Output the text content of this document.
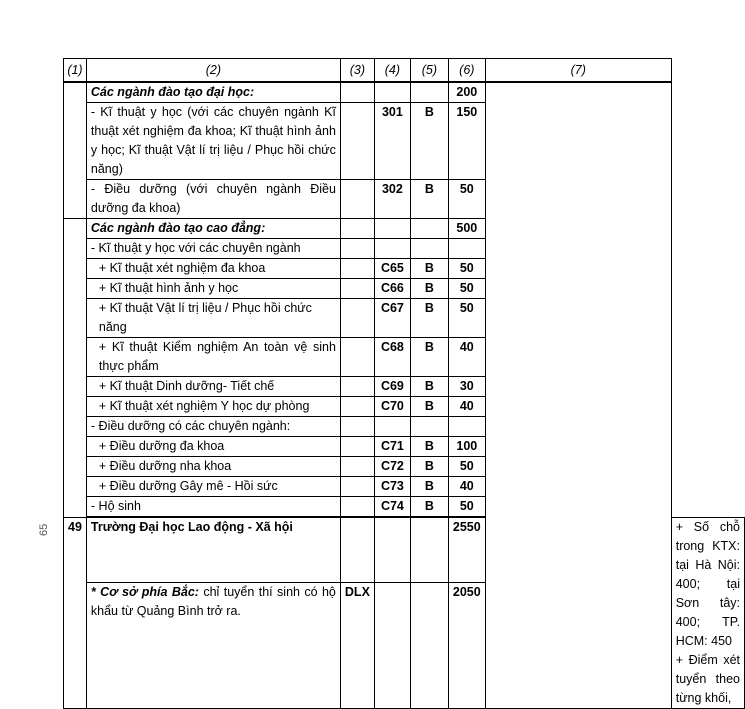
(1)	(2)	(3)	(4)	(5)	(6)	(7)	
	Các ngành đào tạo đại học:				200		
	- Kĩ thuật y học (với các chuyên ngành Kĩ thuật xét nghiệm đa khoa; Kĩ thuật hình ảnh y học; Kĩ thuật Vật lí trị liệu / Phục hồi chức năng)		301	B	150		
	- Điều dưỡng (với chuyên ngành Điều dưỡng đa khoa)		302	B	50		
	Các ngành đào tạo cao đẳng:				500		
	- Kĩ thuật y học với các chuyên ngành						
	+ Kĩ thuật xét nghiệm đa khoa		C65	B	50		
	+ Kĩ thuật hình ảnh y học		C66	B	50		
	+ Kĩ thuật Vật lí trị liệu / Phục hồi chức năng		C67	B	50		
	+ Kĩ thuật Kiểm nghiệm An toàn vệ sinh thực phẩm		C68	B	40		
	+ Kĩ thuật Dinh dưỡng- Tiết chế		C69	B	30		
	+ Kĩ thuật xét nghiệm Y học dự phòng		C70	B	40		
	- Điều dưỡng có các chuyên ngành:						
	+ Điều dưỡng đa khoa		C71	B	100		
	+ Điều dưỡng nha khoa		C72	B	50		
	+ Điều dưỡng Gây mê - Hồi sức		C73	B	40		
	- Hộ sinh		C74	B	50		
49	Trường Đại học Lao động - Xã hội				2550		+ Số chỗ trong KTX: tại Hà Nội: 400; tại Sơn tây: 400; TP. HCM: 450
+ Điểm xét tuyển theo từng khối,

	* Cơ sở phía Bắc: chỉ tuyển thí sinh có hộ khẩu từ Quảng Bình trở ra.	DLX			2050		
65
